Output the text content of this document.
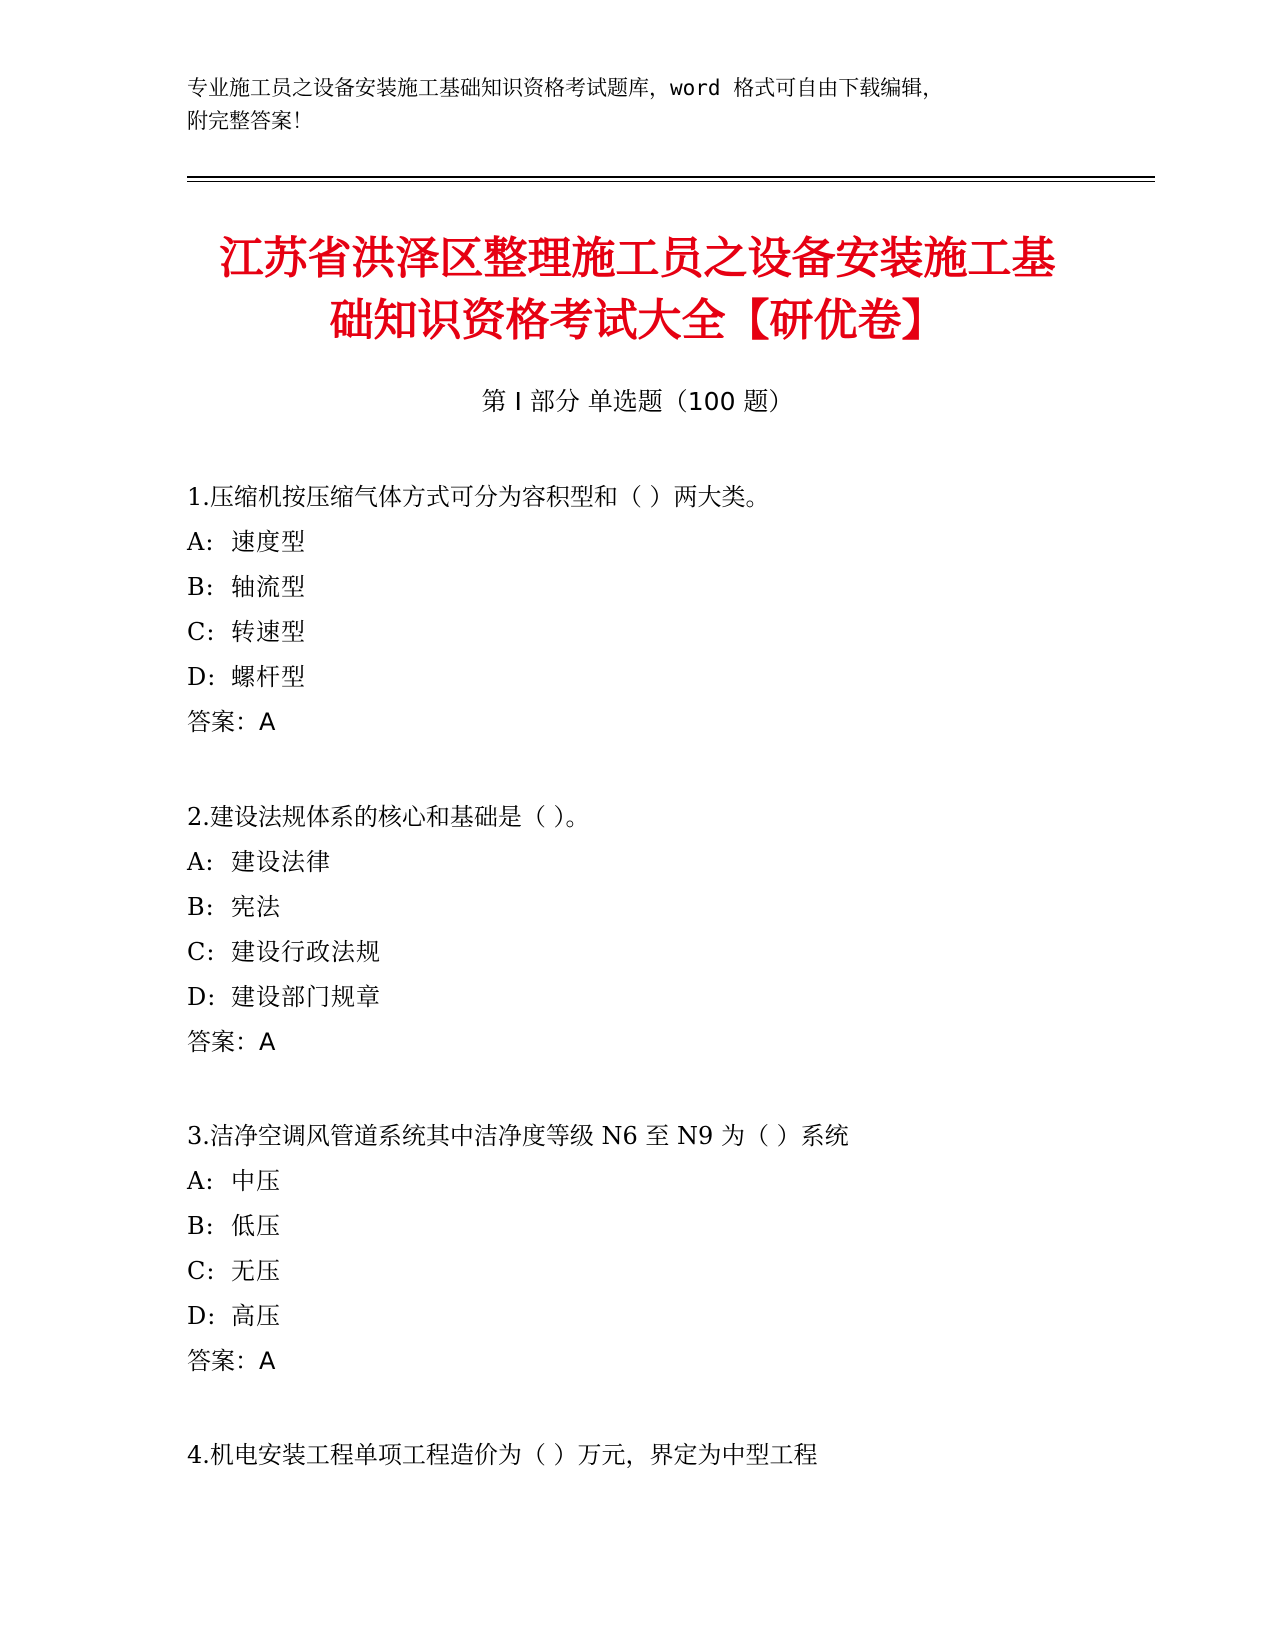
专业施工员之设备安装施工基础知识资格考试题库，word 格式可自由下载编辑，
附完整答案！
江苏省洪泽区整理施工员之设备安装施工基
础知识资格考试大全【研优卷】
第 I 部分 单选题（100 题）
1.压缩机按压缩气体方式可分为容积型和（ ）两大类。
A: 速度型
B: 轴流型
C: 转速型
D: 螺杆型
答案：A
2.建设法规体系的核心和基础是（ ）。
A: 建设法律
B: 宪法
C: 建设行政法规
D: 建设部门规章
答案：A
3.洁净空调风管道系统其中洁净度等级 N6 至 N9 为（ ）系统
A: 中压
B: 低压
C: 无压
D: 高压
答案：A
4.机电安装工程单项工程造价为（ ）万元，界定为中型工程
